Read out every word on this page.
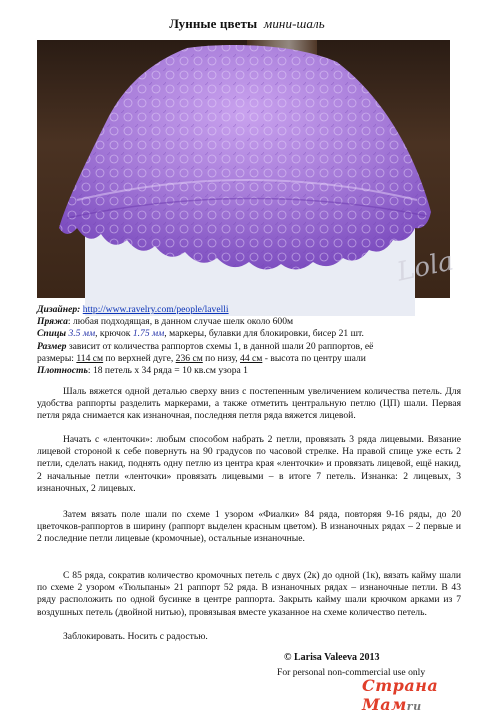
Лунные цветы мини-шаль
Lola
Дизайнер: http://www.ravelry.com/people/lavelli
Пряжа: любая подходящая, в данном случае шелк около 600м
Спицы 3.5 мм, крючок 1.75 мм, маркеры, булавки для блокировки, бисер 21 шт.
Размер зависит от количества раппортов схемы 1, в данной шали 20 раппортов, её
размеры: 114 см по верхней дуге, 236 см по низу, 44 см - высота по центру шали
Плотность: 18 петель х 34 ряда = 10 кв.см узора 1

Шаль вяжется одной деталью сверху вниз с постепенным увеличением количества петель. Для удобства раппорты разделить маркерами, а также отметить центральную петлю (ЦП) шали. Первая петля ряда снимается как изнаночная, последняя петля ряда вяжется лицевой.

Начать с «ленточки»: любым способом набрать 2 петли, провязать 3 ряда лицевыми. Вязание лицевой стороной к себе повернуть на 90 градусов по часовой стрелке. На правой спице уже есть 2 петли, сделать накид, поднять одну петлю из центра края «ленточки» и провязать лицевой, ещё накид, 2 начальные петли «ленточки» провязать лицевыми – в итоге 7 петель. Изнанка: 2 лицевых, 3 изнаночных, 2 лицевых.

Затем вязать поле шали по схеме 1 узором «Фиалки» 84 ряда, повторяя 9-16 ряды, до 20 цветочков-раппортов в ширину (раппорт выделен красным цветом). В изнаночных рядах – 2 первые и 2 последние петли лицевые (кромочные), остальные изнаночные.

С 85 ряда, сократив количество кромочных петель с двух (2к) до одной (1к), вязать кайму шали по схеме 2 узором «Тюльпаны» 21 раппорт 52 ряда. В изнаночных рядах – изнаночные петли. В 43 ряду расположить по одной бусинке в центре раппорта. Закрыть кайму шали крючком арками из 7 воздушных петель (двойной нитью), провязывая вместе указанное на схеме количество петель.

Заблокировать. Носить с радостью.

© Larisa Valeeva 2013
For personal non-commercial use only
Страна Мамru
